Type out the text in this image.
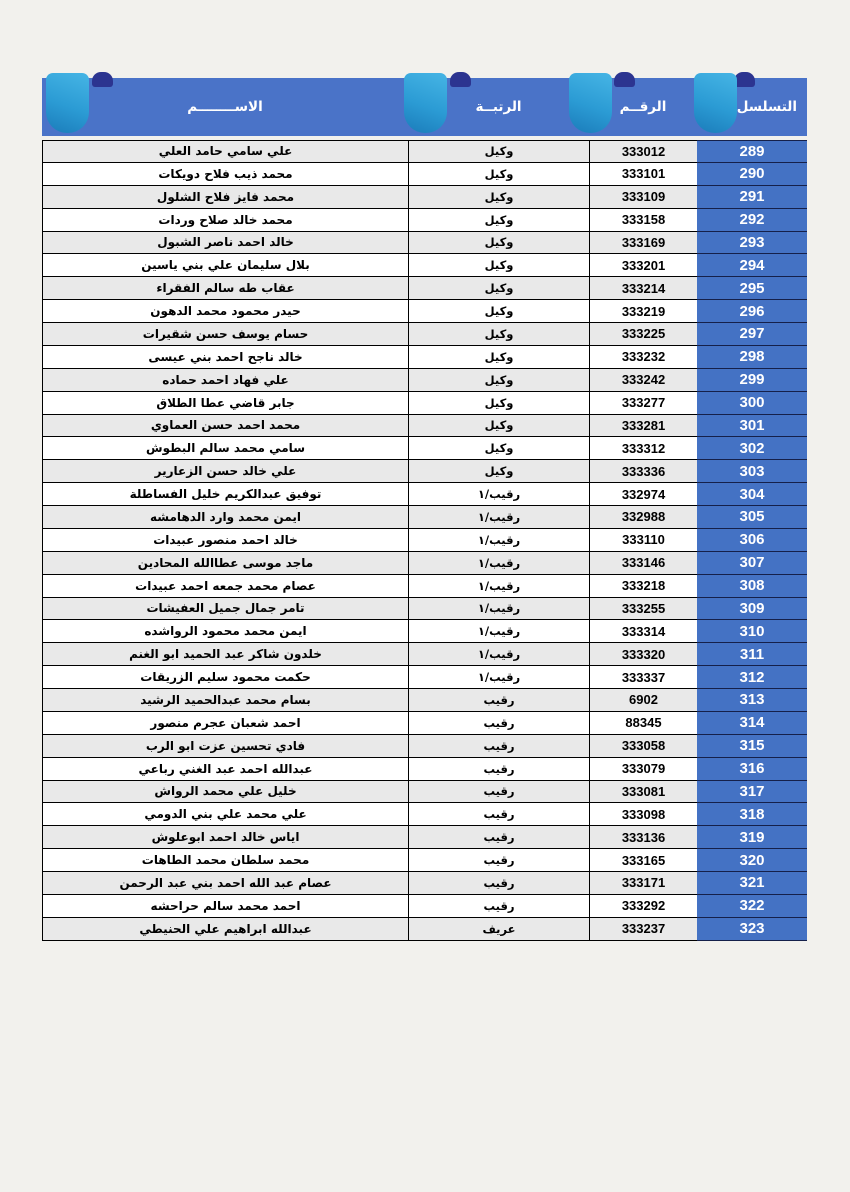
التسلسل
الرقــم
الرتبــة
الاســــــــم
289
333012
وكيل
علي سامي حامد العلي
290
333101
وكيل
محمد ذيب فلاح دويكات
291
333109
وكيل
محمد فايز فلاح الشلول
292
333158
وكيل
محمد خالد صلاح وردات
293
333169
وكيل
خالد احمد ناصر الشبول
294
333201
وكيل
بلال سليمان علي بني ياسين
295
333214
وكيل
عقاب طه سالم الفقراء
296
333219
وكيل
حيدر محمود محمد الدهون
297
333225
وكيل
حسام يوسف حسن شقيرات
298
333232
وكيل
خالد ناجح احمد بني عيسى
299
333242
وكيل
علي فهاد احمد حماده
300
333277
وكيل
جابر قاضي عطا الطلاق
301
333281
وكيل
محمد احمد حسن العماوي
302
333312
وكيل
سامي محمد سالم البطوش
303
333336
وكيل
علي خالد حسن الزعارير
304
332974
رقيب/١
توفيق عبدالكريم خليل الفساطلة
305
332988
رقيب/١
ايمن محمد وارد الدهامشه
306
333110
رقيب/١
خالد احمد منصور عبيدات
307
333146
رقيب/١
ماجد موسى عطاالله المحادين
308
333218
رقيب/١
عصام محمد جمعه احمد عبيدات
309
333255
رقيب/١
تامر جمال جميل العفيشات
310
333314
رقيب/١
ايمن محمد محمود الرواشده
311
333320
رقيب/١
خلدون شاكر عبد الحميد ابو الغنم
312
333337
رقيب/١
حكمت محمود سليم الزريقات
313
6902
رقيب
بسام محمد عبدالحميد الرشيد
314
88345
رقيب
احمد شعبان عجرم منصور
315
333058
رقيب
فادي تحسين عزت ابو الرب
316
333079
رقيب
عبدالله احمد عبد الغني رباعي
317
333081
رقيب
خليل علي محمد الرواش
318
333098
رقيب
علي محمد علي بني الدومي
319
333136
رقيب
اياس خالد احمد ابوعلوش
320
333165
رقيب
محمد سلطان محمد الطاهات
321
333171
رقيب
عصام عبد الله احمد بني عبد الرحمن
322
333292
رقيب
احمد محمد سالم حراحشه
323
333237
عريف
عبدالله ابراهيم علي الحنيطي
